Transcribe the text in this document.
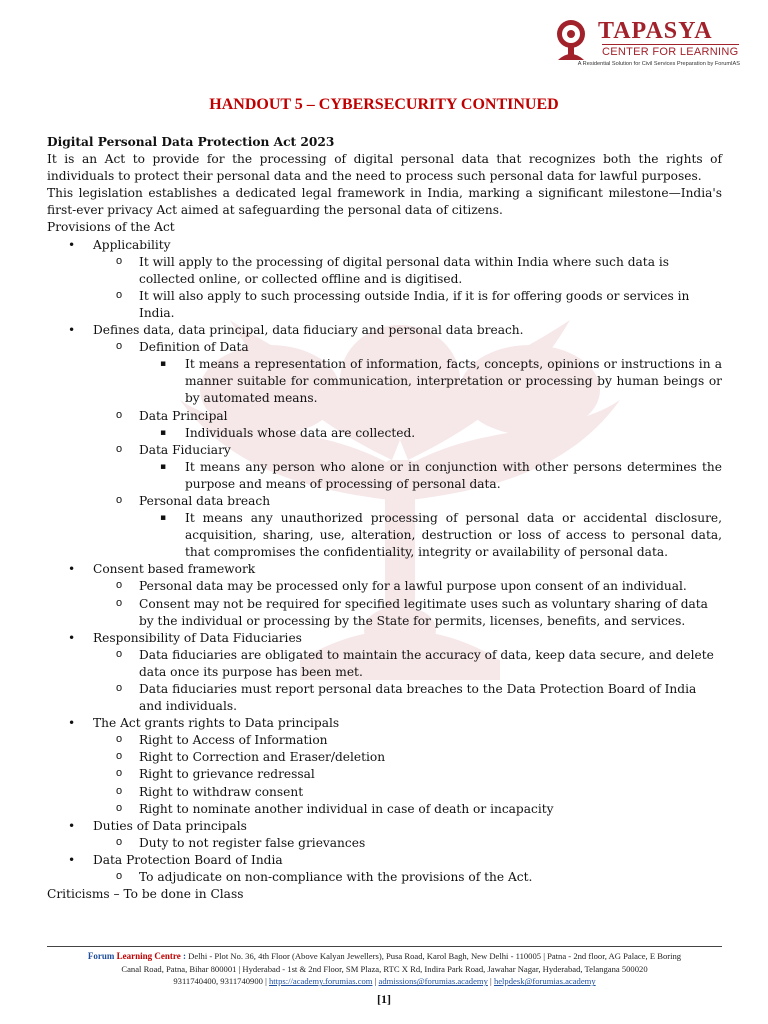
TAPASYA
CENTER FOR LEARNING
A Residential Solution for Civil Services Preparation by ForumIAS
HANDOUT 5 – CYBERSECURITY CONTINUED

Digital Personal Data Protection Act 2023

It is an Act to provide for the processing of digital personal data that recognizes both the rights of individuals to protect their personal data and the need to process such personal data for lawful purposes.

This legislation establishes a dedicated legal framework in India, marking a significant milestone—India's first-ever privacy Act aimed at safeguarding the personal data of citizens.

Provisions of the Act

• Applicability
o It will apply to the processing of digital personal data within India where such data is collected online, or collected offline and is digitised.
o It will also apply to such processing outside India, if it is for offering goods or services in India.
• Defines data, data principal, data fiduciary and personal data breach.
o Definition of Data
▪ It means a representation of information, facts, concepts, opinions or instructions in a manner suitable for communication, interpretation or processing by human beings or by automated means.
o Data Principal
▪ Individuals whose data are collected.
o Data Fiduciary
▪ It means any person who alone or in conjunction with other persons determines the purpose and means of processing of personal data.
o Personal data breach
▪ It means any unauthorized processing of personal data or accidental disclosure, acquisition, sharing, use, alteration, destruction or loss of access to personal data, that compromises the confidentiality, integrity or availability of personal data.
• Consent based framework
o Personal data may be processed only for a lawful purpose upon consent of an individual.
o Consent may not be required for specified legitimate uses such as voluntary sharing of data by the individual or processing by the State for permits, licenses, benefits, and services.
• Responsibility of Data Fiduciaries
o Data fiduciaries are obligated to maintain the accuracy of data, keep data secure, and delete data once its purpose has been met.
o Data fiduciaries must report personal data breaches to the Data Protection Board of India and individuals.
• The Act grants rights to Data principals
o Right to Access of Information
o Right to Correction and Eraser/deletion
o Right to grievance redressal
o Right to withdraw consent
o Right to nominate another individual in case of death or incapacity
• Duties of Data principals
o Duty to not register false grievances
• Data Protection Board of India
o To adjudicate on non-compliance with the provisions of the Act.

Criticisms – To be done in Class

Forum Learning Centre : Delhi - Plot No. 36, 4th Floor (Above Kalyan Jewellers), Pusa Road, Karol Bagh, New Delhi - 110005 | Patna - 2nd floor, AG Palace, E Boring
Canal Road, Patna, Bihar 800001 | Hyderabad - 1st & 2nd Floor, SM Plaza, RTC X Rd, Indira Park Road, Jawahar Nagar, Hyderabad, Telangana 500020
9311740400, 9311740900 | https://academy.forumias.com | admissions@forumias.academy | helpdesk@forumias.academy
[1]
